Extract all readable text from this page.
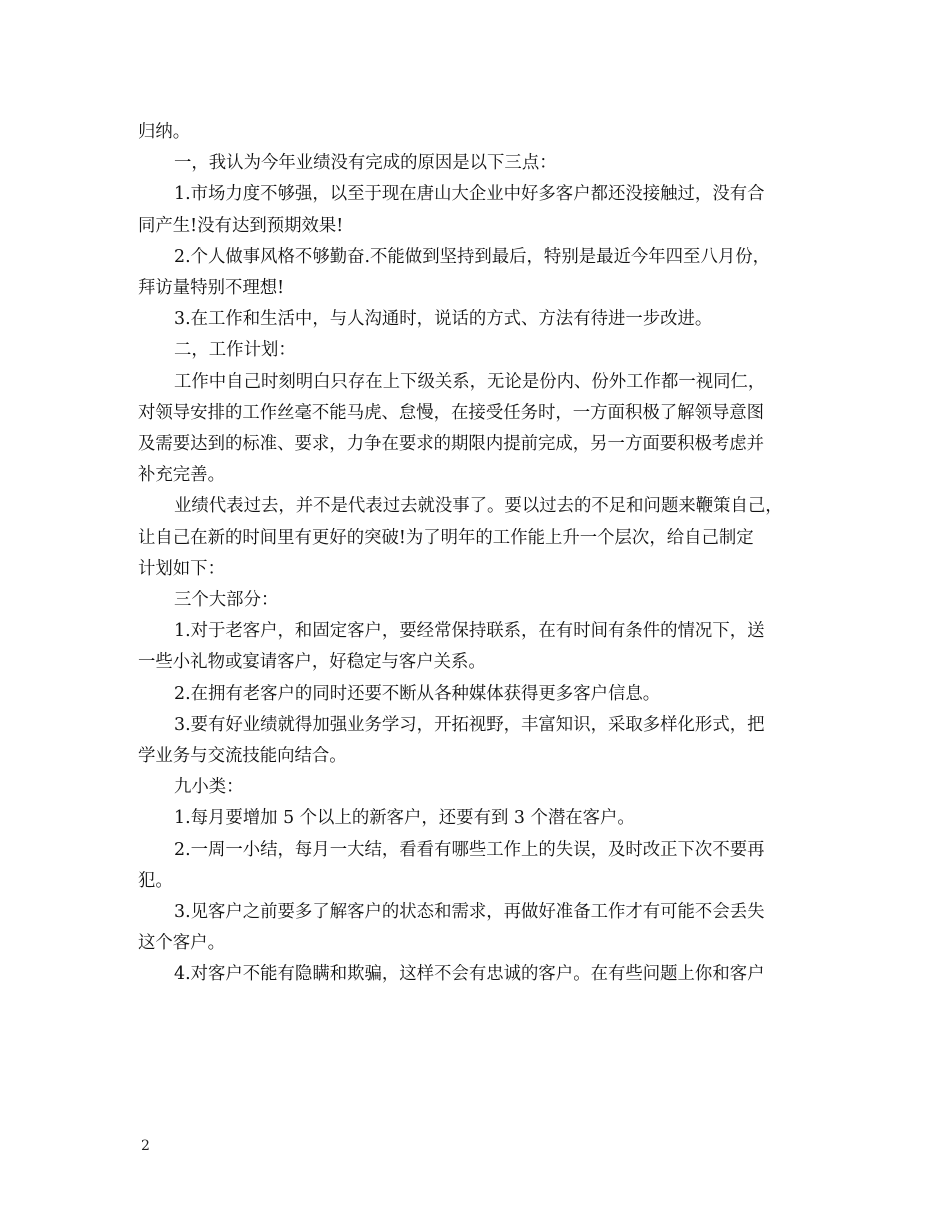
归纳。

一，我认为今年业绩没有完成的原因是以下三点：

1.市场力度不够强，以至于现在唐山大企业中好多客户都还没接触过，没有合
同产生!没有达到预期效果!

2.个人做事风格不够勤奋.不能做到坚持到最后，特别是最近今年四至八月份，
拜访量特别不理想!

3.在工作和生活中，与人沟通时，说话的方式、方法有待进一步改进。

二，工作计划：

工作中自己时刻明白只存在上下级关系，无论是份内、份外工作都一视同仁，
对领导安排的工作丝毫不能马虎、怠慢，在接受任务时，一方面积极了解领导意图
及需要达到的标准、要求，力争在要求的期限内提前完成，另一方面要积极考虑并
补充完善。

业绩代表过去，并不是代表过去就没事了。要以过去的不足和问题来鞭策自己，
让自己在新的时间里有更好的突破!为了明年的工作能上升一个层次，给自己制定
计划如下：

三个大部分：

1.对于老客户，和固定客户，要经常保持联系，在有时间有条件的情况下，送
一些小礼物或宴请客户，好稳定与客户关系。

2.在拥有老客户的同时还要不断从各种媒体获得更多客户信息。

3.要有好业绩就得加强业务学习，开拓视野，丰富知识，采取多样化形式，把
学业务与交流技能向结合。

九小类：

1.每月要增加 5 个以上的新客户，还要有到 3 个潜在客户。

2.一周一小结，每月一大结，看看有哪些工作上的失误，及时改正下次不要再
犯。

3.见客户之前要多了解客户的状态和需求，再做好准备工作才有可能不会丢失
这个客户。

4.对客户不能有隐瞒和欺骗，这样不会有忠诚的客户。在有些问题上你和客户

2
